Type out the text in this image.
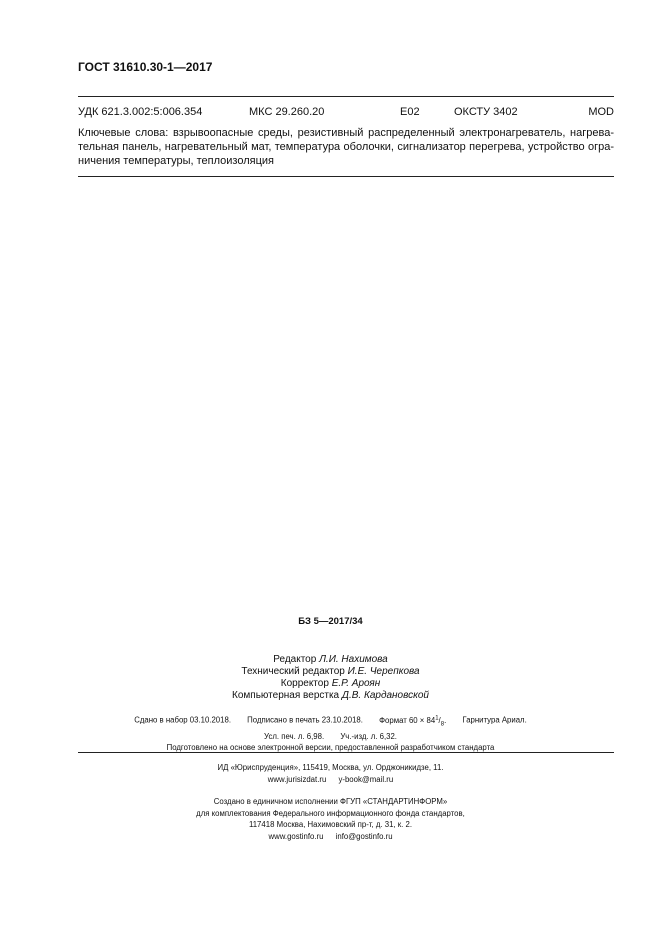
ГОСТ 31610.30-1—2017
УДК 621.3.002:5:006.354	МКС 29.260.20	E02	ОКСТУ 3402	MOD

Ключевые слова: взрывоопасные среды, резистивный распределенный электронагреватель, нагрева-

тельная панель, нагревательный мат, температура оболочки, сигнализатор перегрева, устройство огра-

ничения температуры, теплоизоляция

БЗ 5—2017/34
Редактор Л.И. Нахимова
Технический редактор И.Е. Черепкова
Корректор Е.Р. Ароян
Компьютерная верстка Д.В. Кардановской
Сдано в набор 03.10.2018. Подписано в печать 23.10.2018. Формат $60 \times 84^1/_8$. Гарнитура Ариал.
Усл. печ. л. 6,98. Уч.-изд. л. 6,32.
Подготовлено на основе электронной версии, предоставленной разработчиком стандарта
ИД «Юриспруденция», 115419, Москва, ул. Орджоникидзе, 11.
www.jurisizdat.ru y-book@mail.ru
Создано в единичном исполнении ФГУП «СТАНДАРТИНФОРМ»
для комплектования Федерального информационного фонда стандартов,
117418 Москва, Нахимовский пр-т, д. 31, к. 2.
www.gostinfo.ru info@gostinfo.ru
